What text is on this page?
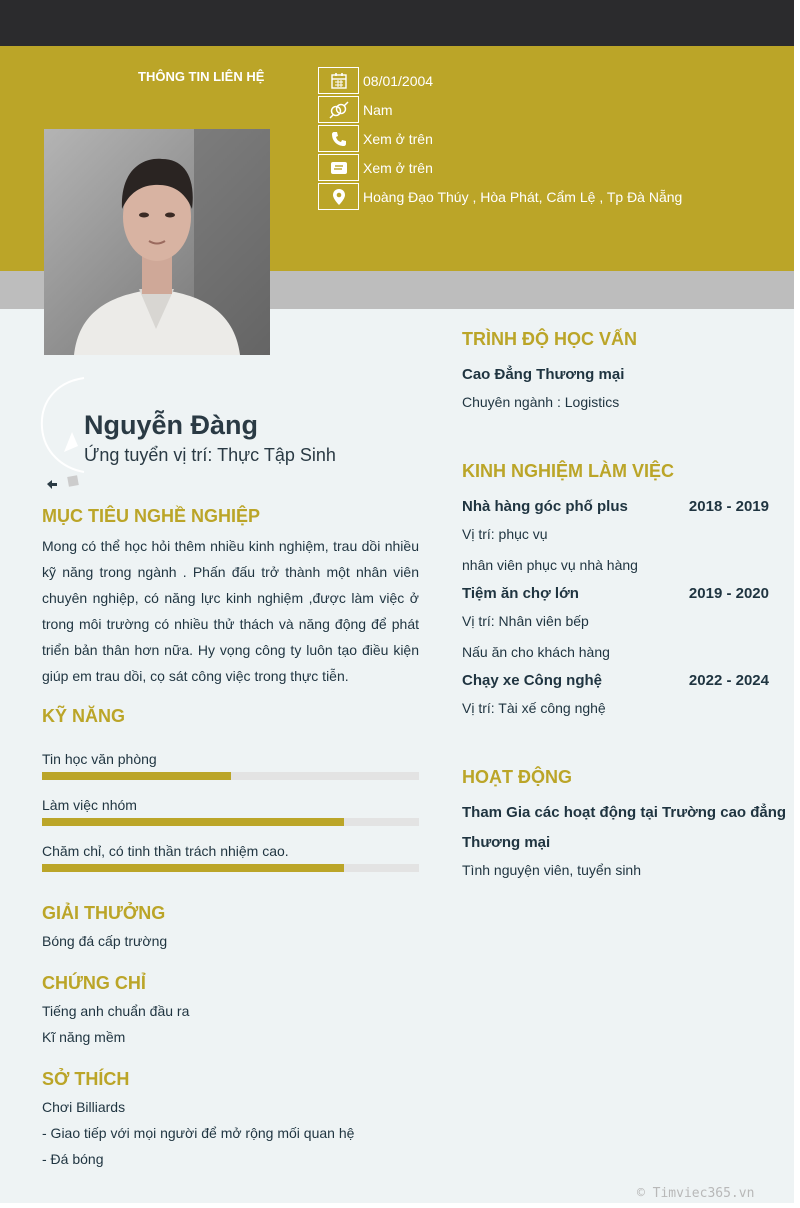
THÔNG TIN LIÊN HỆ	08/01/2004
Nam
Xem ở trên
Xem ở trên
Hoàng Đạo Thúy , Hòa Phát, Cẩm Lệ , Tp Đà Nẵng
Nguyễn Đàng
Ứng tuyển vị trí: Thực Tập Sinh
MỤC TIÊU NGHỀ NGHIỆP
Mong có thể học hỏi thêm nhiều kinh nghiệm, trau dồi nhiều kỹ năng trong ngành . Phấn đấu trở thành một nhân viên chuyên nghiệp, có năng lực kinh nghiệm ,được làm việc ở trong môi trường có nhiều thử thách và năng động để phát triển bản thân hơn nữa. Hy vọng công ty luôn tạo điều kiện giúp em trau dồi, cọ sát công việc trong thực tiễn.
KỸ NĂNG
Tin học văn phòng
Làm việc nhóm
Chăm chỉ, có tinh thần trách nhiệm cao.
GIẢI THƯỞNG
Bóng đá cấp trường
CHỨNG CHỈ
Tiếng anh chuẩn đầu ra
Kĩ năng mềm
SỞ THÍCH
Chơi Billiards
- Giao tiếp với mọi người để mở rộng mối quan hệ
- Đá bóng
TRÌNH ĐỘ HỌC VẤN
Cao Đẳng Thương mại
Chuyên ngành : Logistics
KINH NGHIỆM LÀM VIỆC
Nhà hàng góc phố plus	2018 - 2019
Vị trí: phục vụ
nhân viên phục vụ nhà hàng
Tiệm ăn chợ lớn	2019 - 2020
Vị trí: Nhân viên bếp
Nấu ăn cho khách hàng
Chạy xe Công nghệ	2022 - 2024
Vị trí: Tài xế công nghệ
HOẠT ĐỘNG
Tham Gia các hoạt động tại Trường cao đẳng
Thương mại
Tình nguyện viên, tuyển sinh
© Timviec365.vn
